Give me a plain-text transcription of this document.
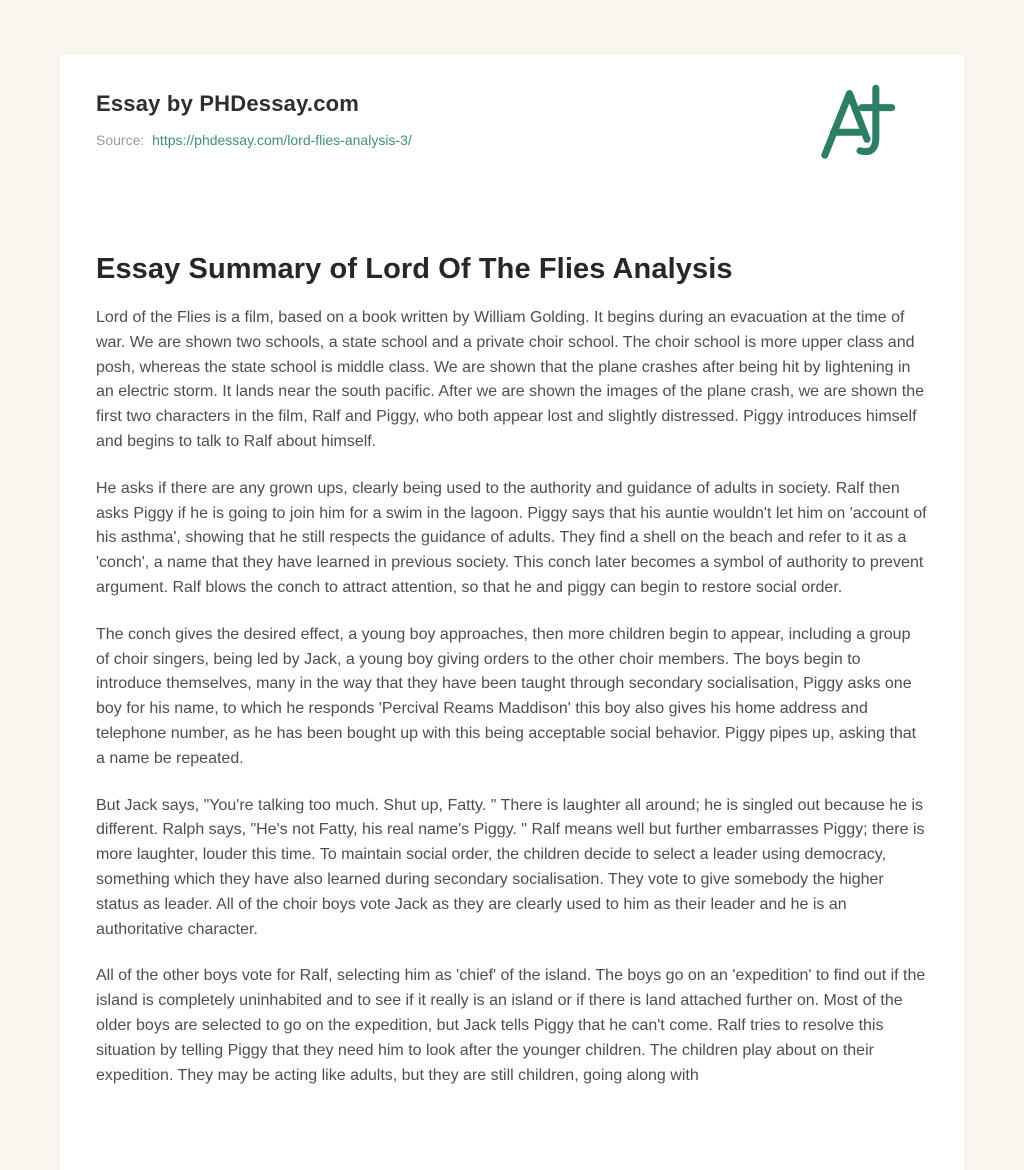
Essay by PHDessay.com
Source: https://phdessay.com/lord-flies-analysis-3/
Essay Summary of Lord Of The Flies Analysis

Lord of the Flies is a film, based on a book written by William Golding. It begins during an evacuation at the time of war. We are shown two schools, a state school and a private choir school. The choir school is more upper class and posh, whereas the state school is middle class. We are shown that the plane crashes after being hit by lightening in an electric storm. It lands near the south pacific. After we are shown the images of the plane crash, we are shown the first two characters in the film, Ralf and Piggy, who both appear lost and slightly distressed. Piggy introduces himself and begins to talk to Ralf about himself.

He asks if there are any grown ups, clearly being used to the authority and guidance of adults in society. Ralf then asks Piggy if he is going to join him for a swim in the lagoon. Piggy says that his auntie wouldn't let him on 'account of his asthma', showing that he still respects the guidance of adults. They find a shell on the beach and refer to it as a 'conch', a name that they have learned in previous society. This conch later becomes a symbol of authority to prevent argument. Ralf blows the conch to attract attention, so that he and piggy can begin to restore social order.

The conch gives the desired effect, a young boy approaches, then more children begin to appear, including a group of choir singers, being led by Jack, a young boy giving orders to the other choir members. The boys begin to introduce themselves, many in the way that they have been taught through secondary socialisation, Piggy asks one boy for his name, to which he responds 'Percival Reams Maddison' this boy also gives his home address and telephone number, as he has been bought up with this being acceptable social behavior. Piggy pipes up, asking that a name be repeated.

But Jack says, "You're talking too much. Shut up, Fatty. " There is laughter all around; he is singled out because he is different. Ralph says, "He's not Fatty, his real name's Piggy. " Ralf means well but further embarrasses Piggy; there is more laughter, louder this time. To maintain social order, the children decide to select a leader using democracy, something which they have also learned during secondary socialisation. They vote to give somebody the higher status as leader. All of the choir boys vote Jack as they are clearly used to him as their leader and he is an authoritative character.

All of the other boys vote for Ralf, selecting him as 'chief' of the island. The boys go on an 'expedition' to find out if the island is completely uninhabited and to see if it really is an island or if there is land attached further on. Most of the older boys are selected to go on the expedition, but Jack tells Piggy that he can't come. Ralf tries to resolve this situation by telling Piggy that they need him to look after the younger children. The children play about on their expedition. They may be acting like adults, but they are still children, going along with
